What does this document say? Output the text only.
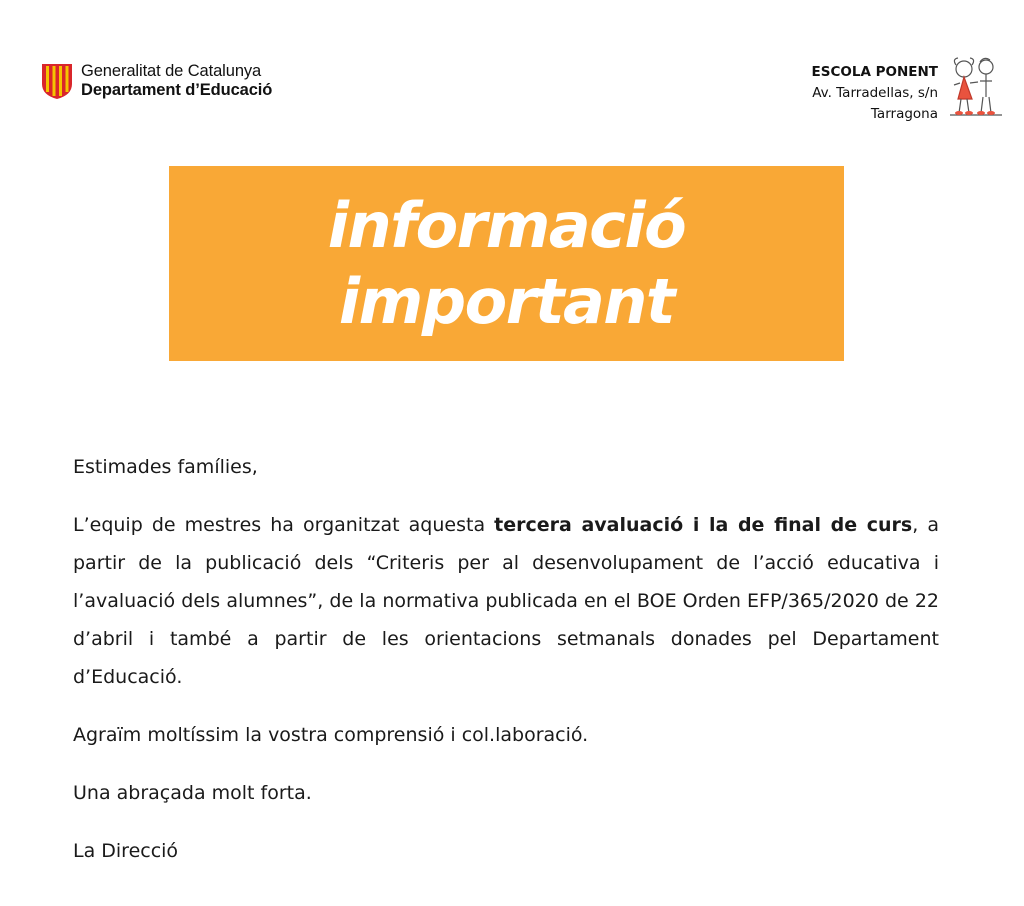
Generalitat de Catalunya
Departament d’Educació
ESCOLA PONENT
Av. Tarradellas, s/n
Tarragona
informació
important

Estimades famílies,

L’equip de mestres ha organitzat aquesta tercera avaluació i la de final de curs, a partir de la publicació dels “Criteris per al desenvolupament de l’acció educativa i l’avaluació dels alumnes”, de la normativa publicada en el BOE Orden EFP/365/2020 de 22 d’abril i també a partir de les orientacions setmanals donades pel Departament d’Educació.

Agraïm moltíssim la vostra comprensió i col.laboració.

Una abraçada molt forta.

La Direcció
